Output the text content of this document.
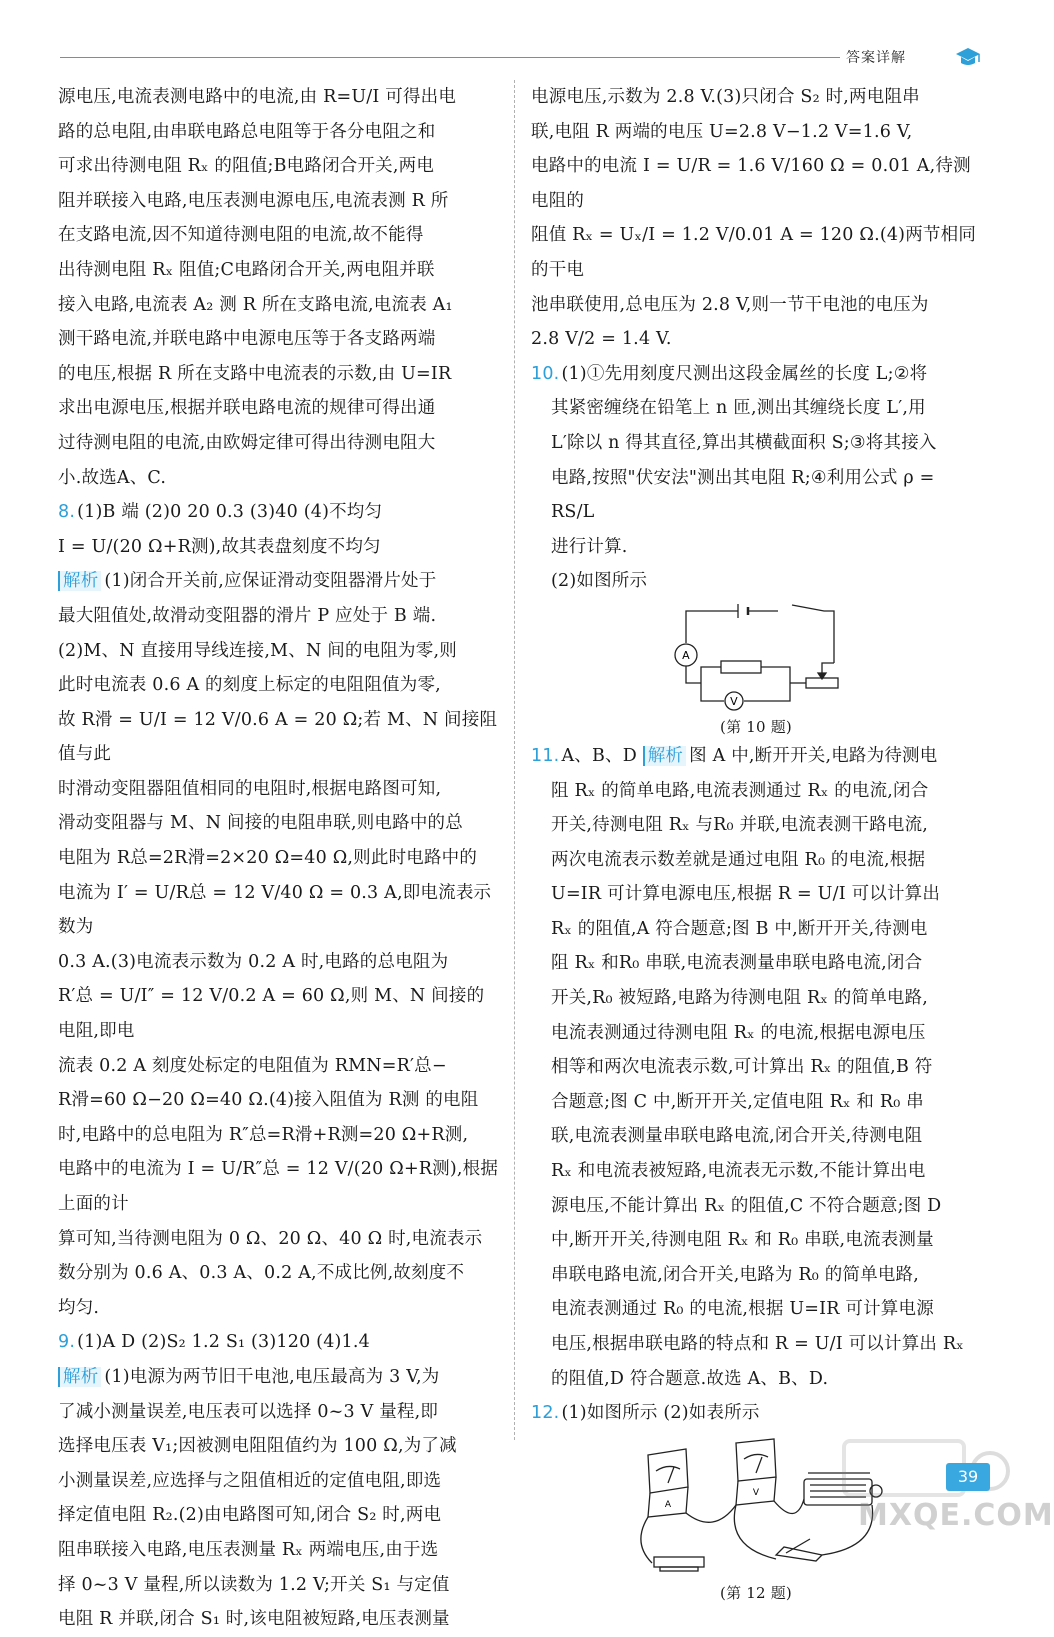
答案详解
源电压,电流表测电路中的电流,由 R=U/I 可得出电
路的总电阻,由串联电路总电阻等于各分电阻之和
可求出待测电阻 Rₓ 的阻值;B电路闭合开关,两电
阻并联接入电路,电压表测电源电压,电流表测 R 所
在支路电流,因不知道待测电阻的电流,故不能得
出待测电阻 Rₓ 阻值;C电路闭合开关,两电阻并联
接入电路,电流表 A₂ 测 R 所在支路电流,电流表 A₁
测干路电流,并联电路中电源电压等于各支路两端
的电压,根据 R 所在支路中电流表的示数,由 U=IR
求出电源电压,根据并联电路电流的规律可得出通
过待测电阻的电流,由欧姆定律可得出待测电阻大
小.故选A、C.
8. (1)B 端 (2)0 20 0.3 (3)40 (4)不均匀
I = U/(20 Ω+R测),故其表盘刻度不均匀
解析 (1)闭合开关前,应保证滑动变阻器滑片处于
最大阻值处,故滑动变阻器的滑片 P 应处于 B 端.
(2)M、N 直接用导线连接,M、N 间的电阻为零,则
此时电流表 0.6 A 的刻度上标定的电阻阻值为零,
故 R滑 = U/I = 12 V/0.6 A = 20 Ω;若 M、N 间接阻值与此
时滑动变阻器阻值相同的电阻时,根据电路图可知,
滑动变阻器与 M、N 间接的电阻串联,则电路中的总
电阻为 R总=2R滑=2×20 Ω=40 Ω,则此时电路中的
电流为 I′ = U/R总 = 12 V/40 Ω = 0.3 A,即电流表示数为
0.3 A.(3)电流表示数为 0.2 A 时,电路的总电阻为
R′总 = U/I″ = 12 V/0.2 A = 60 Ω,则 M、N 间接的电阻,即电
流表 0.2 A 刻度处标定的电阻值为 RMN=R′总−
R滑=60 Ω−20 Ω=40 Ω.(4)接入阻值为 R测 的电阻
时,电路中的总电阻为 R″总=R滑+R测=20 Ω+R测,
电路中的电流为 I = U/R″总 = 12 V/(20 Ω+R测),根据上面的计
算可知,当待测电阻为 0 Ω、20 Ω、40 Ω 时,电流表示
数分别为 0.6 A、0.3 A、0.2 A,不成比例,故刻度不
均匀.
9. (1)A D (2)S₂ 1.2 S₁ (3)120 (4)1.4
解析 (1)电源为两节旧干电池,电压最高为 3 V,为
了减小测量误差,电压表可以选择 0~3 V 量程,即
选择电压表 V₁;因被测电阻阻值约为 100 Ω,为了减
小测量误差,应选择与之阻值相近的定值电阻,即选
择定值电阻 R₂.(2)由电路图可知,闭合 S₂ 时,两电
阻串联接入电路,电压表测量 Rₓ 两端电压,由于选
择 0~3 V 量程,所以读数为 1.2 V;开关 S₁ 与定值
电阻 R 并联,闭合 S₁ 时,该电阻被短路,电压表测量
电源电压,示数为 2.8 V.(3)只闭合 S₂ 时,两电阻串
联,电阻 R 两端的电压 U=2.8 V−1.2 V=1.6 V,
电路中的电流 I = U/R = 1.6 V/160 Ω = 0.01 A,待测电阻的
阻值 Rₓ = Uₓ/I = 1.2 V/0.01 A = 120 Ω.(4)两节相同的干电
池串联使用,总电压为 2.8 V,则一节干电池的电压为
2.8 V/2 = 1.4 V.
10. (1)①先用刻度尺测出这段金属丝的长度 L;②将
其紧密缠绕在铅笔上 n 匝,测出其缠绕长度 L′,用
L′除以 n 得其直径,算出其横截面积 S;③将其接入
电路,按照"伏安法"测出其电阻 R;④利用公式 ρ = RS/L
进行计算.
(2)如图所示
A
V
(第 10 题)
11. A、B、D 解析 图 A 中,断开开关,电路为待测电
阻 Rₓ 的简单电路,电流表测通过 Rₓ 的电流,闭合
开关,待测电阻 Rₓ 与R₀ 并联,电流表测干路电流,
两次电流表示数差就是通过电阻 R₀ 的电流,根据
U=IR 可计算电源电压,根据 R = U/I 可以计算出
Rₓ 的阻值,A 符合题意;图 B 中,断开开关,待测电
阻 Rₓ 和R₀ 串联,电流表测量串联电路电流,闭合
开关,R₀ 被短路,电路为待测电阻 Rₓ 的简单电路,
电流表测通过待测电阻 Rₓ 的电流,根据电源电压
相等和两次电流表示数,可计算出 Rₓ 的阻值,B 符
合题意;图 C 中,断开开关,定值电阻 Rₓ 和 R₀ 串
联,电流表测量串联电路电流,闭合开关,待测电阻
Rₓ 和电流表被短路,电流表无示数,不能计算出电
源电压,不能计算出 Rₓ 的阻值,C 不符合题意;图 D
中,断开开关,待测电阻 Rₓ 和 R₀ 串联,电流表测量
串联电路电流,闭合开关,电路为 R₀ 的简单电路,
电流表测通过 R₀ 的电流,根据 U=IR 可计算电源
电压,根据串联电路的特点和 R = U/I 可以计算出 Rₓ
的阻值,D 符合题意.故选 A、B、D.
12. (1)如图所示 (2)如表所示
A
V
(第 12 题)
39
MXQE.COM
